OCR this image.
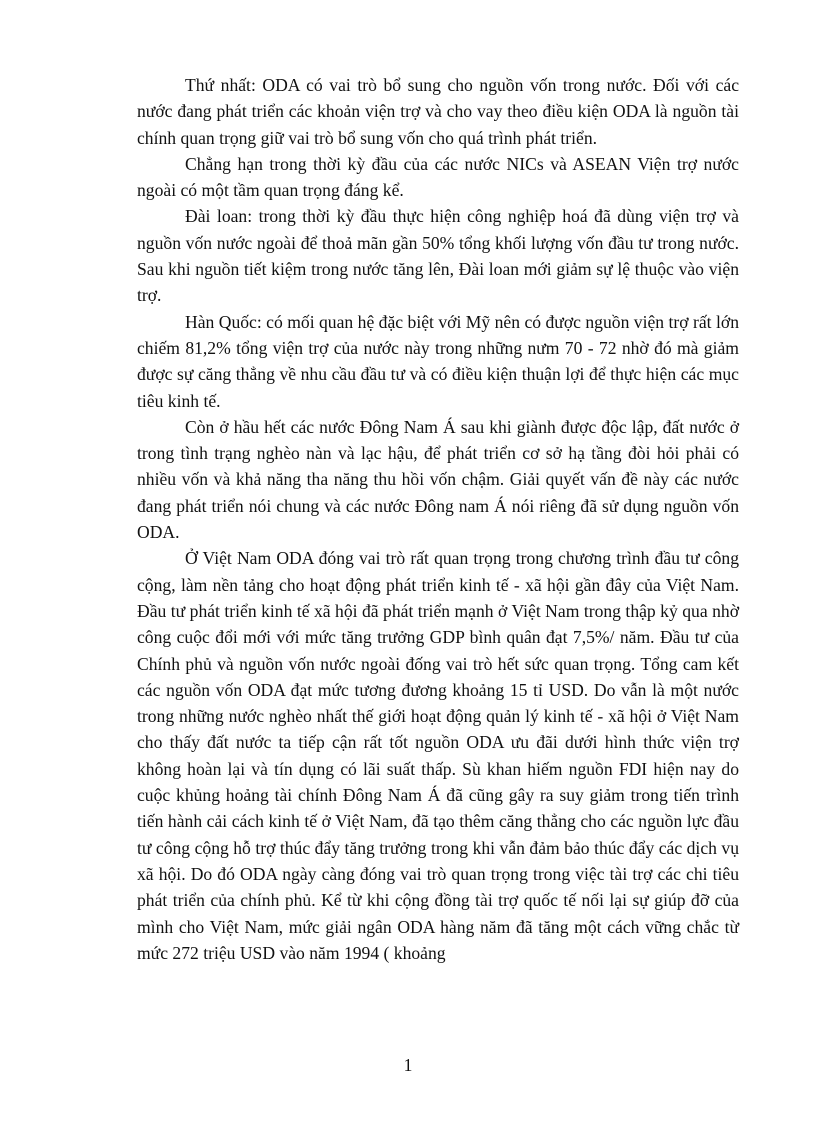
Thứ nhất: ODA có vai trò bổ sung cho nguồn vốn trong nước. Đối với các nước đang phát triển các khoản viện trợ và cho vay theo điều kiện ODA là nguồn tài chính quan trọng giữ vai trò bổ sung vốn cho quá trình phát triển.

Chẳng hạn trong thời kỳ đầu của các nước NICs và ASEAN Viện trợ nước ngoài có một tầm quan trọng đáng kể.

Đài loan: trong thời kỳ đầu thực hiện công nghiệp hoá đã dùng viện trợ và nguồn vốn nước ngoài để thoả mãn gần 50% tổng khối lượng vốn đầu tư trong nước. Sau khi nguồn tiết kiệm trong nước tăng lên, Đài loan mới giảm sự lệ thuộc vào viện trợ.

Hàn Quốc: có mối quan hệ đặc biệt với Mỹ nên có được nguồn viện trợ rất lớn chiếm 81,2% tổng viện trợ của nước này trong những nưm 70 - 72 nhờ đó mà giảm được sự căng thẳng về nhu cầu đầu tư và có điều kiện thuận lợi để thực hiện các mục tiêu kinh tế.

Còn ở hầu hết các nước Đông Nam Á sau khi giành được độc lập, đất nước ở trong tình trạng nghèo nàn và lạc hậu, để phát triển cơ sở hạ tầng đòi hỏi phải có nhiều vốn và khả năng tha năng thu hồi vốn chậm. Giải quyết vấn đề này các nước đang phát triển nói chung và các nước Đông nam Á nói riêng đã sử dụng nguồn vốn ODA.

Ở Việt Nam ODA đóng vai trò rất quan trọng trong chương trình đầu tư công cộng, làm nền tảng cho hoạt động phát triển kinh tế - xã hội gần đây của Việt Nam. Đầu tư phát triển kinh tế xã hội đã phát triển mạnh ở Việt Nam trong thập kỷ qua nhờ công cuộc đổi mới với mức tăng trưởng GDP bình quân đạt 7,5%/ năm. Đầu tư của Chính phủ và nguồn vốn nước ngoài đống vai trò hết sức quan trọng. Tổng cam kết các nguồn vốn ODA đạt mức tương đương khoảng 15 tỉ USD. Do vẫn là một nước trong những nước nghèo nhất thế giới hoạt động quản lý kinh tế - xã hội ở Việt Nam cho thấy đất nước ta tiếp cận rất tốt nguồn ODA ưu đãi dưới hình thức viện trợ không hoàn lại và tín dụng có lãi suất thấp. Sù khan hiếm nguồn FDI hiện nay do cuộc khủng hoảng tài chính Đông Nam Á đã cũng gây ra suy giảm trong tiến trình tiến hành cải cách kinh tế ở Việt Nam, đã tạo thêm căng thẳng cho các nguồn lực đầu tư công cộng hỗ trợ thúc đẩy tăng trưởng trong khi vẫn đảm bảo thúc đẩy các dịch vụ xã hội. Do đó ODA ngày càng đóng vai trò quan trọng trong việc tài trợ các chi tiêu phát triển của chính phủ. Kể từ khi cộng đồng tài trợ quốc tế nối lại sự giúp đỡ của mình cho Việt Nam, mức giải ngân ODA hàng năm đã tăng một cách vững chắc từ mức 272 triệu USD vào năm 1994 ( khoảng

1
